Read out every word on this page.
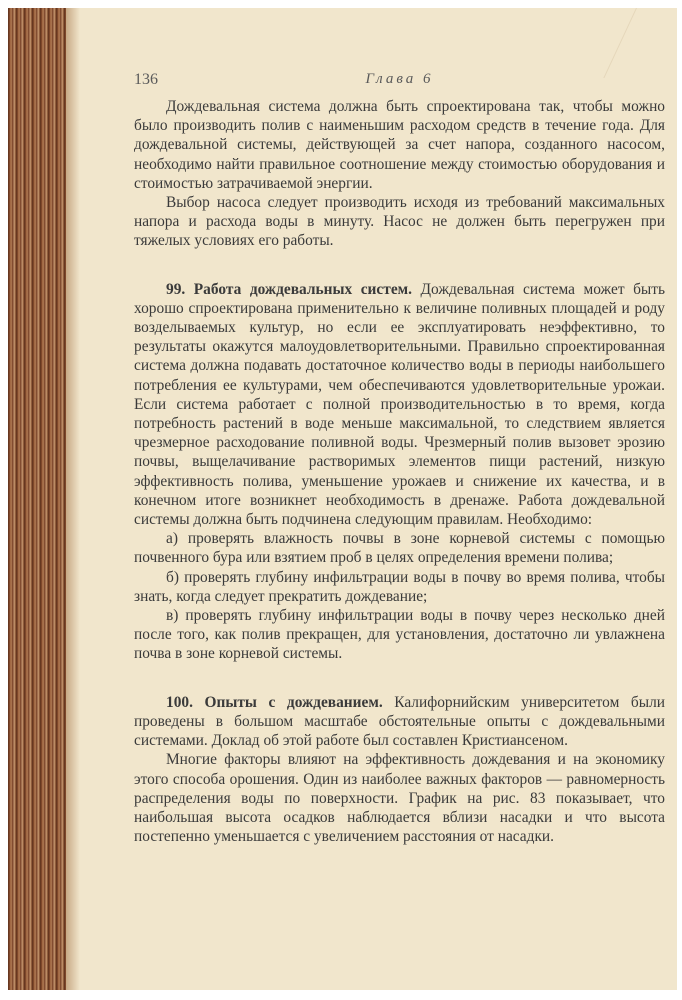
136	Глава 6

Дождевальная система должна быть спроектирована так, чтобы можно было производить полив с наименьшим расходом средств в течение года. Для дождевальной системы, действующей за счет напора, созданного насосом, необходимо найти правильное соотношение между стоимостью оборудования и стоимостью затрачиваемой энергии.

Выбор насоса следует производить исходя из требований максимальных напора и расхода воды в минуту. Насос не должен быть перегружен при тяжелых условиях его работы.

99. Работа дождевальных систем. Дождевальная система может быть хорошо спроектирована применительно к величине поливных площадей и роду возделываемых культур, но если ее эксплуатировать неэффективно, то результаты окажутся малоудовлетворительными. Правильно спроектированная система должна подавать достаточное количество воды в периоды наибольшего потребления ее культурами, чем обеспечиваются удовлетворительные урожаи. Если система работает с полной производительностью в то время, когда потребность растений в воде меньше максимальной, то следствием является чрезмерное расходование поливной воды. Чрезмерный полив вызовет эрозию почвы, выщелачивание растворимых элементов пищи растений, низкую эффективность полива, уменьшение урожаев и снижение их качества, и в конечном итоге возникнет необходимость в дренаже. Работа дождевальной системы должна быть подчинена следующим правилам. Необходимо:

а) проверять влажность почвы в зоне корневой системы с помощью почвенного бура или взятием проб в целях определения времени полива;

б) проверять глубину инфильтрации воды в почву во время полива, чтобы знать, когда следует прекратить дождевание;

в) проверять глубину инфильтрации воды в почву через несколько дней после того, как полив прекращен, для установления, достаточно ли увлажнена почва в зоне корневой системы.

100. Опыты с дождеванием. Калифорнийским университетом были проведены в большом масштабе обстоятельные опыты с дождевальными системами. Доклад об этой работе был составлен Кристиансеном.

Многие факторы влияют на эффективность дождевания и на экономику этого способа орошения. Один из наиболее важных факторов — равномерность распределения воды по поверхности. График на рис. 83 показывает, что наибольшая высота осадков наблюдается вблизи насадки и что высота постепенно уменьшается с увеличением расстояния от насадки.
